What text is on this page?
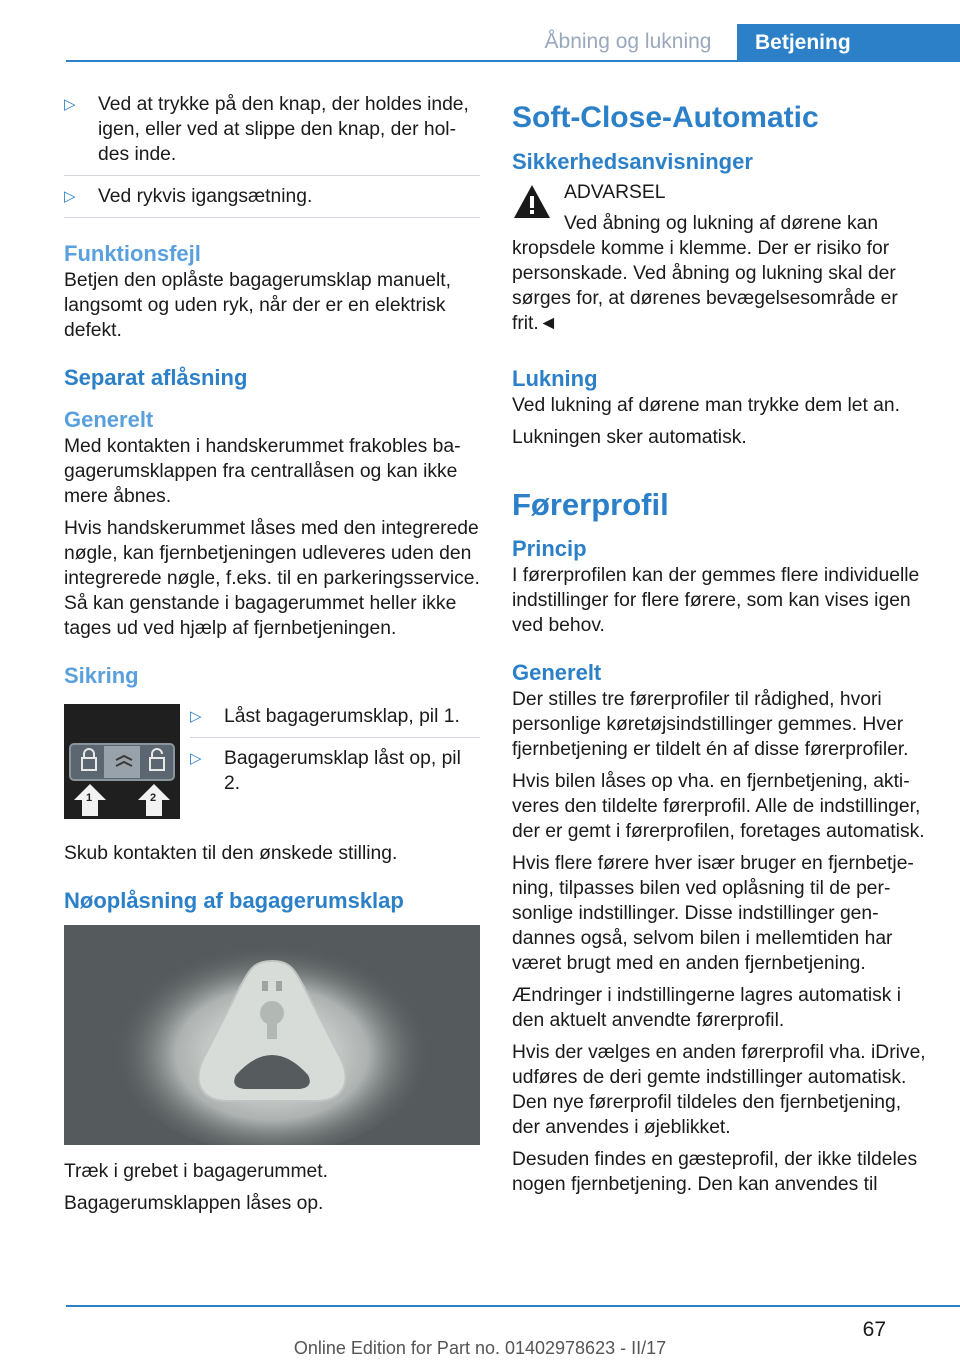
Åbning og lukning	Betjening
▷	Ved at trykke på den knap, der holdes inde, igen, eller ved at slippe den knap, der holdes inde.

▷	Ved rykvis igangsætning.

Funktionsfejl

Betjen den oplåste bagagerumsklap manuelt, langsomt og uden ryk, når der er en elektrisk defekt.

Separat aflåsning
Generelt

Med kontakten i handskerummet frakobles bagagerumsklappen fra centrallåsen og kan ikke mere åbnes.

Hvis handskerummet låses med den integrerede nøgle, kan fjernbetjeningen udleveres uden den integrerede nøgle, f.eks. til en parkeringsservice. Så kan genstande i bagagerummet heller ikke tages ud ved hjælp af fjernbetjeningen.

Sikring
1	2
▷	Låst bagagerumsklap, pil 1.

▷	Bagagerumsklap låst op, pil 2.

Skub kontakten til den ønskede stilling.

Nøoplåsning af bagagerumsklap

Træk i grebet i bagagerummet.

Bagagerumsklappen låses op.

Soft-Close-Automatic
Sikkerhedsanvisninger

ADVARSEL

Ved åbning og lukning af dørene kan

kropsdele komme i klemme. Der er risiko for personskade. Ved åbning og lukning skal der sørges for, at dørenes bevægelsesområde er frit.◄

Lukning

Ved lukning af dørene man trykke dem let an.

Lukningen sker automatisk.

Førerprofil
Princip

I førerprofilen kan der gemmes flere individuelle indstillinger for flere førere, som kan vises igen ved behov.

Generelt

Der stilles tre førerprofiler til rådighed, hvori personlige køretøjsindstillinger gemmes. Hver fjernbetjening er tildelt én af disse førerprofiler.

Hvis bilen låses op vha. en fjernbetjening, aktiveres den tildelte førerprofil. Alle de indstillinger, der er gemt i førerprofilen, foretages automatisk.

Hvis flere førere hver især bruger en fjernbetjening, tilpasses bilen ved oplåsning til de personlige indstillinger. Disse indstillinger gendannes også, selvom bilen i mellemtiden har været brugt med en anden fjernbetjening.

Ændringer i indstillingerne lagres automatisk i den aktuelt anvendte førerprofil.

Hvis der vælges en anden førerprofil vha. iDrive, udføres de deri gemte indstillinger automatisk. Den nye førerprofil tildeles den fjernbetjening, der anvendes i øjeblikket.

Desuden findes en gæsteprofil, der ikke tildeles nogen fjernbetjening. Den kan anvendes til

67
Online Edition for Part no. 01402978623 - II/17
